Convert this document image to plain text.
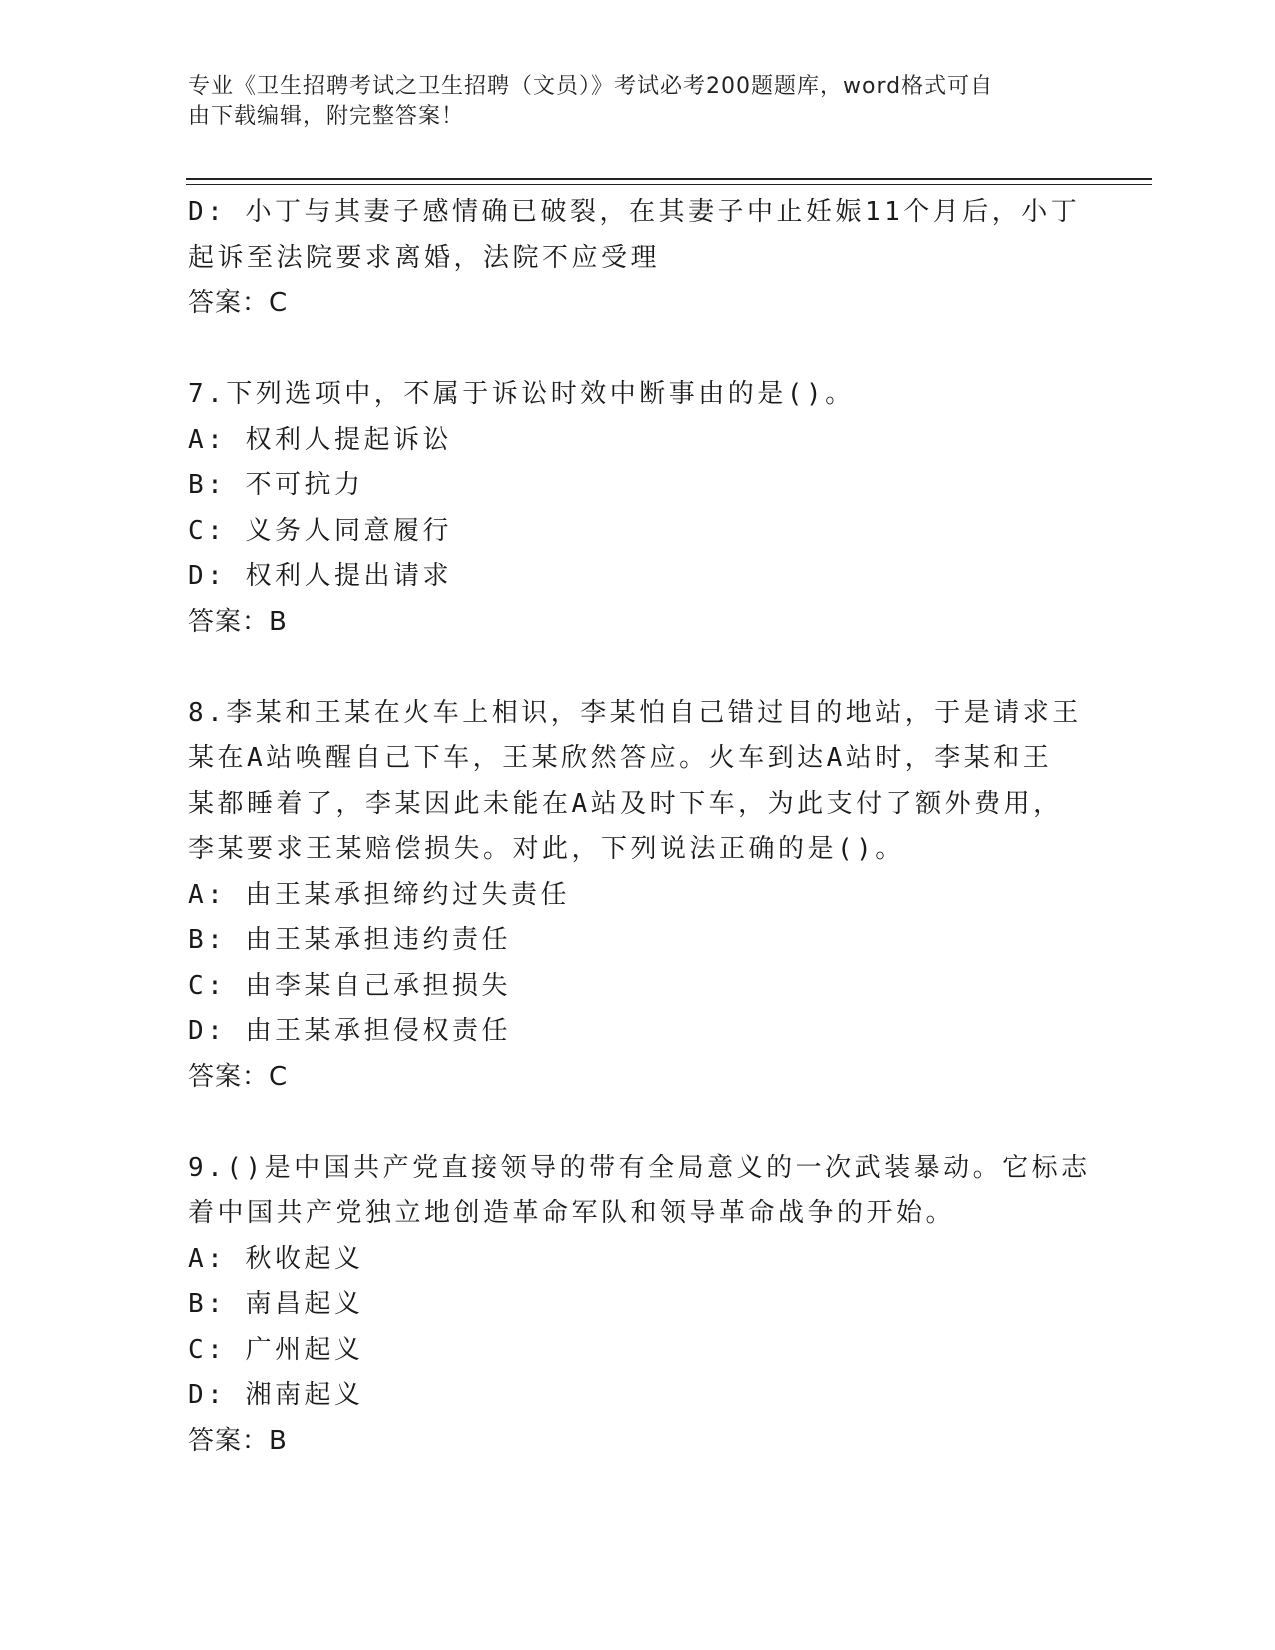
专业《卫生招聘考试之卫生招聘（文员）》考试必考200题题库，word格式可自
由下载编辑，附完整答案！
D: 小丁与其妻子感情确已破裂，在其妻子中止妊娠11个月后，小丁
起诉至法院要求离婚，法院不应受理
答案：C
7.下列选项中，不属于诉讼时效中断事由的是()。
A: 权利人提起诉讼
B: 不可抗力
C: 义务人同意履行
D: 权利人提出请求
答案：B
8.李某和王某在火车上相识，李某怕自己错过目的地站，于是请求王
某在A站唤醒自己下车，王某欣然答应。火车到达A站时，李某和王
某都睡着了，李某因此未能在A站及时下车，为此支付了额外费用，
李某要求王某赔偿损失。对此，下列说法正确的是()。
A: 由王某承担缔约过失责任
B: 由王某承担违约责任
C: 由李某自己承担损失
D: 由王某承担侵权责任
答案：C
9.()是中国共产党直接领导的带有全局意义的一次武装暴动。它标志
着中国共产党独立地创造革命军队和领导革命战争的开始。
A: 秋收起义
B: 南昌起义
C: 广州起义
D: 湘南起义
答案：B
